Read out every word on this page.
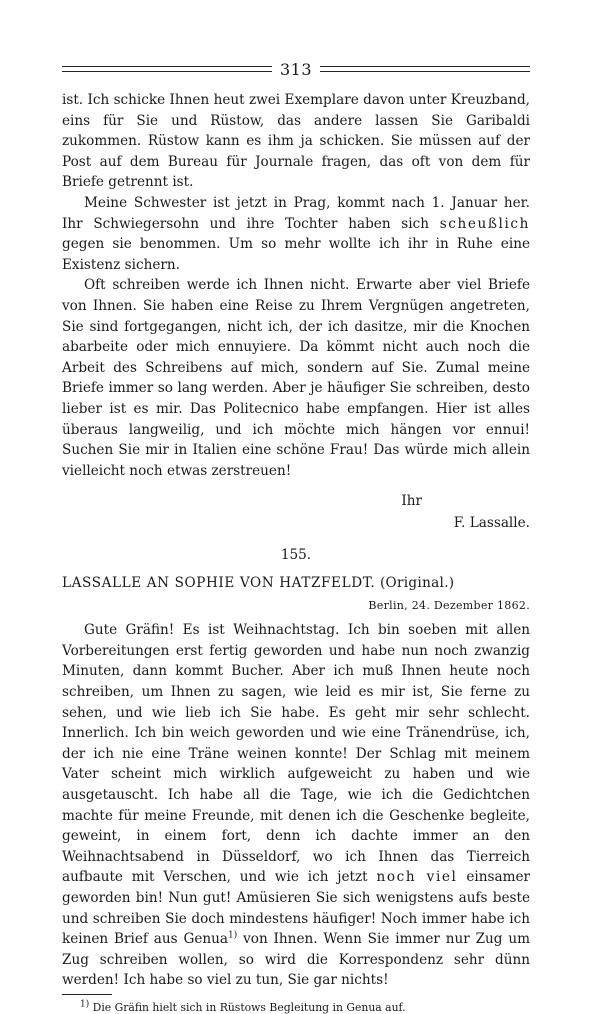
313

ist. Ich schicke Ihnen heut zwei Exemplare davon unter Kreuzband, eins für Sie und Rüstow, das andere lassen Sie Garibaldi zukommen. Rüstow kann es ihm ja schicken. Sie müssen auf der Post auf dem Bureau für Journale fragen, das oft von dem für Briefe getrennt ist.

Meine Schwester ist jetzt in Prag, kommt nach 1. Januar her. Ihr Schwiegersohn und ihre Tochter haben sich scheußlich gegen sie benommen. Um so mehr wollte ich ihr in Ruhe eine Existenz sichern.

Oft schreiben werde ich Ihnen nicht. Erwarte aber viel Briefe von Ihnen. Sie haben eine Reise zu Ihrem Vergnügen angetreten, Sie sind fortgegangen, nicht ich, der ich dasitze, mir die Knochen abarbeite oder mich ennuyiere. Da kömmt nicht auch noch die Arbeit des Schreibens auf mich, sondern auf Sie. Zumal meine Briefe immer so lang werden. Aber je häufiger Sie schreiben, desto lieber ist es mir. Das Politecnico habe empfangen. Hier ist alles überaus langweilig, und ich möchte mich hängen vor ennui! Suchen Sie mir in Italien eine schöne Frau! Das würde mich allein vielleicht noch etwas zerstreuen!

Ihr
F. Lassalle.
155.
LASSALLE AN SOPHIE VON HATZFELDT. (Original.)
Berlin, 24. Dezember 1862.

Gute Gräfin! Es ist Weihnachtstag. Ich bin soeben mit allen Vorbereitungen erst fertig geworden und habe nun noch zwanzig Minuten, dann kommt Bucher. Aber ich muß Ihnen heute noch schreiben, um Ihnen zu sagen, wie leid es mir ist, Sie ferne zu sehen, und wie lieb ich Sie habe. Es geht mir sehr schlecht. Innerlich. Ich bin weich geworden und wie eine Tränendrüse, ich, der ich nie eine Träne weinen konnte! Der Schlag mit meinem Vater scheint mich wirklich aufgeweicht zu haben und wie ausgetauscht. Ich habe all die Tage, wie ich die Gedichtchen machte für meine Freunde, mit denen ich die Geschenke begleite, geweint, in einem fort, denn ich dachte immer an den Weihnachtsabend in Düsseldorf, wo ich Ihnen das Tierreich aufbaute mit Verschen, und wie ich jetzt noch viel einsamer geworden bin! Nun gut! Amüsieren Sie sich wenigstens aufs beste und schreiben Sie doch mindestens häufiger! Noch immer habe ich keinen Brief aus Genua$^{1)}$ von Ihnen. Wenn Sie immer nur Zug um Zug schreiben wollen, so wird die Korrespondenz sehr dünn werden! Ich habe so viel zu tun, Sie gar nichts!

$^{1)}$ Die Gräfin hielt sich in Rüstows Begleitung in Genua auf.
